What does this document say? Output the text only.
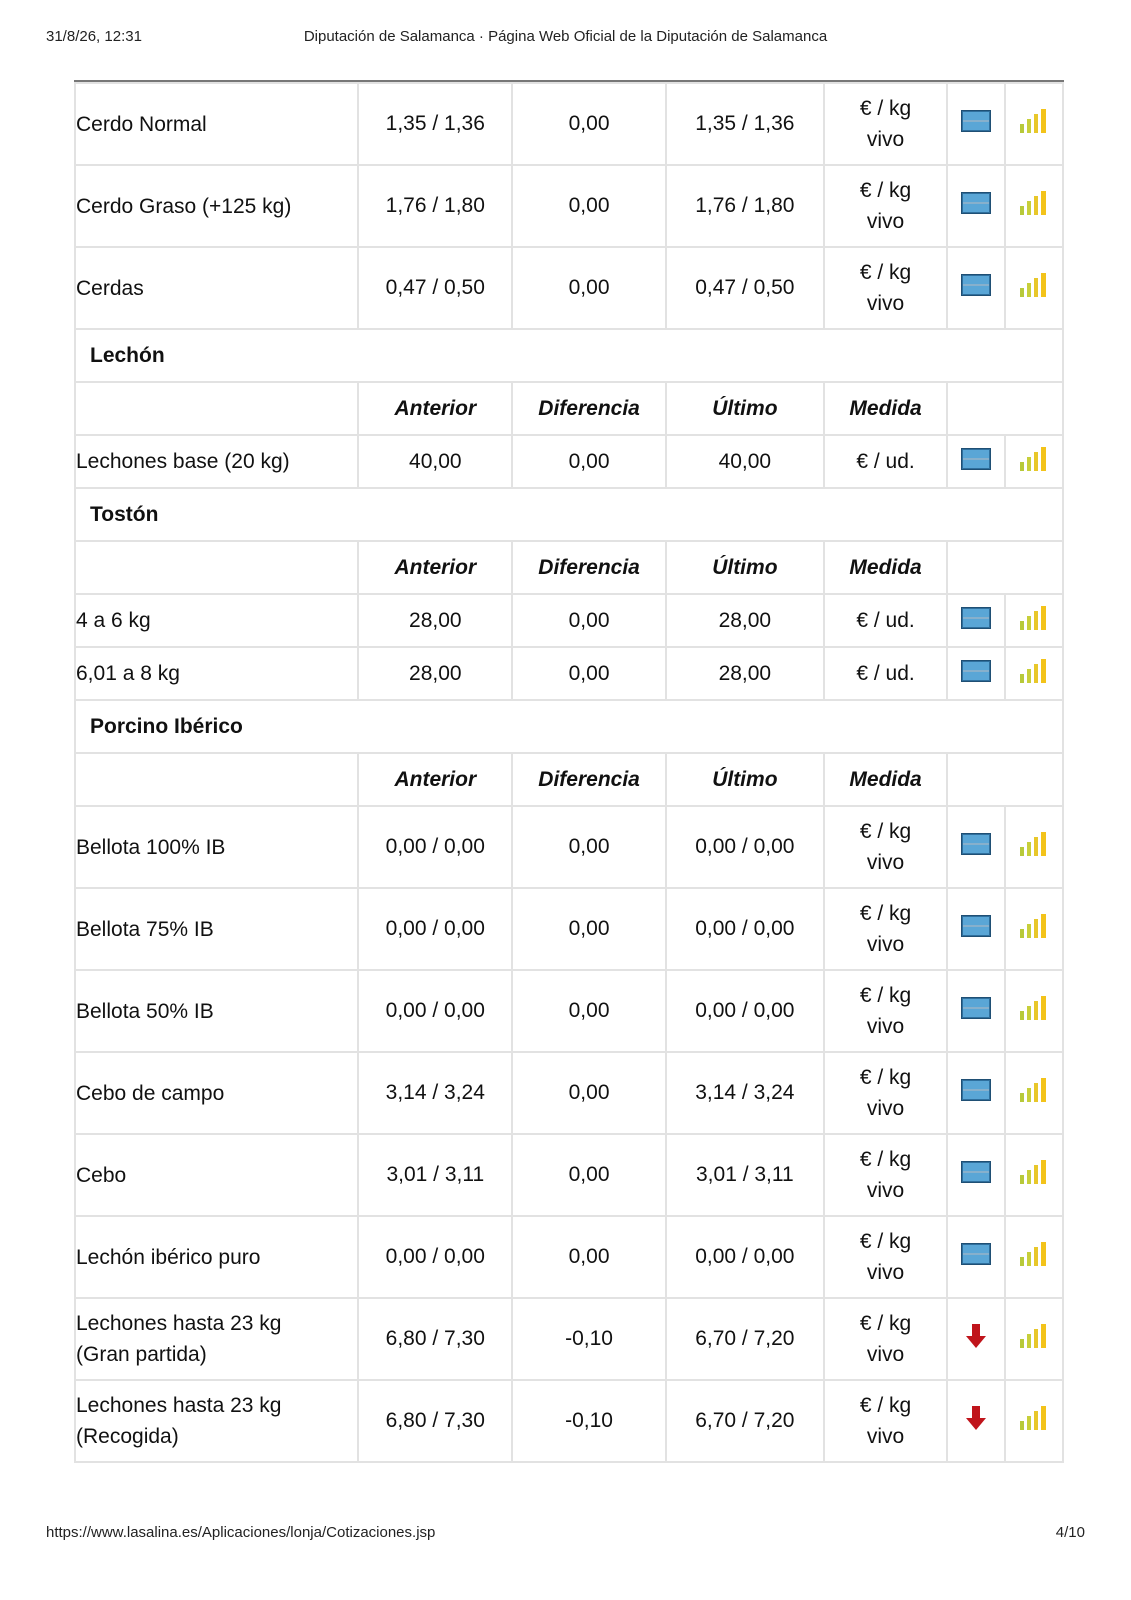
31/8/26, 12:31	Diputación de Salamanca · Página Web Oficial de la Diputación de Salamanca
Cerdo Normal	1,35 / 1,36	0,00	1,35 / 1,36	€ / kg
vivo		
Cerdo Graso (+125 kg)	1,76 / 1,80	0,00	1,76 / 1,80	€ / kg
vivo		
Cerdas	0,47 / 0,50	0,00	0,47 / 0,50	€ / kg
vivo		
Lechón						
	Anterior	Diferencia	Último	Medida		
Lechones base (20 kg)	40,00	0,00	40,00	€ / ud.		
Tostón						
	Anterior	Diferencia	Último	Medida		
4 a 6 kg	28,00	0,00	28,00	€ / ud.		
6,01 a 8 kg	28,00	0,00	28,00	€ / ud.		
Porcino Ibérico						
	Anterior	Diferencia	Último	Medida		
Bellota 100% IB	0,00 / 0,00	0,00	0,00 / 0,00	€ / kg
vivo		
Bellota 75% IB	0,00 / 0,00	0,00	0,00 / 0,00	€ / kg
vivo		
Bellota 50% IB	0,00 / 0,00	0,00	0,00 / 0,00	€ / kg
vivo		
Cebo de campo	3,14 / 3,24	0,00	3,14 / 3,24	€ / kg
vivo		
Cebo	3,01 / 3,11	0,00	3,01 / 3,11	€ / kg
vivo		
Lechón ibérico puro	0,00 / 0,00	0,00	0,00 / 0,00	€ / kg
vivo		
Lechones hasta 23 kg
(Gran partida)	6,80 / 7,30	-0,10	6,70 / 7,20	€ / kg
vivo		
Lechones hasta 23 kg
(Recogida)	6,80 / 7,30	-0,10	6,70 / 7,20	€ / kg
vivo		
https://www.lasalina.es/Aplicaciones/lonja/Cotizaciones.jsp	4/10
